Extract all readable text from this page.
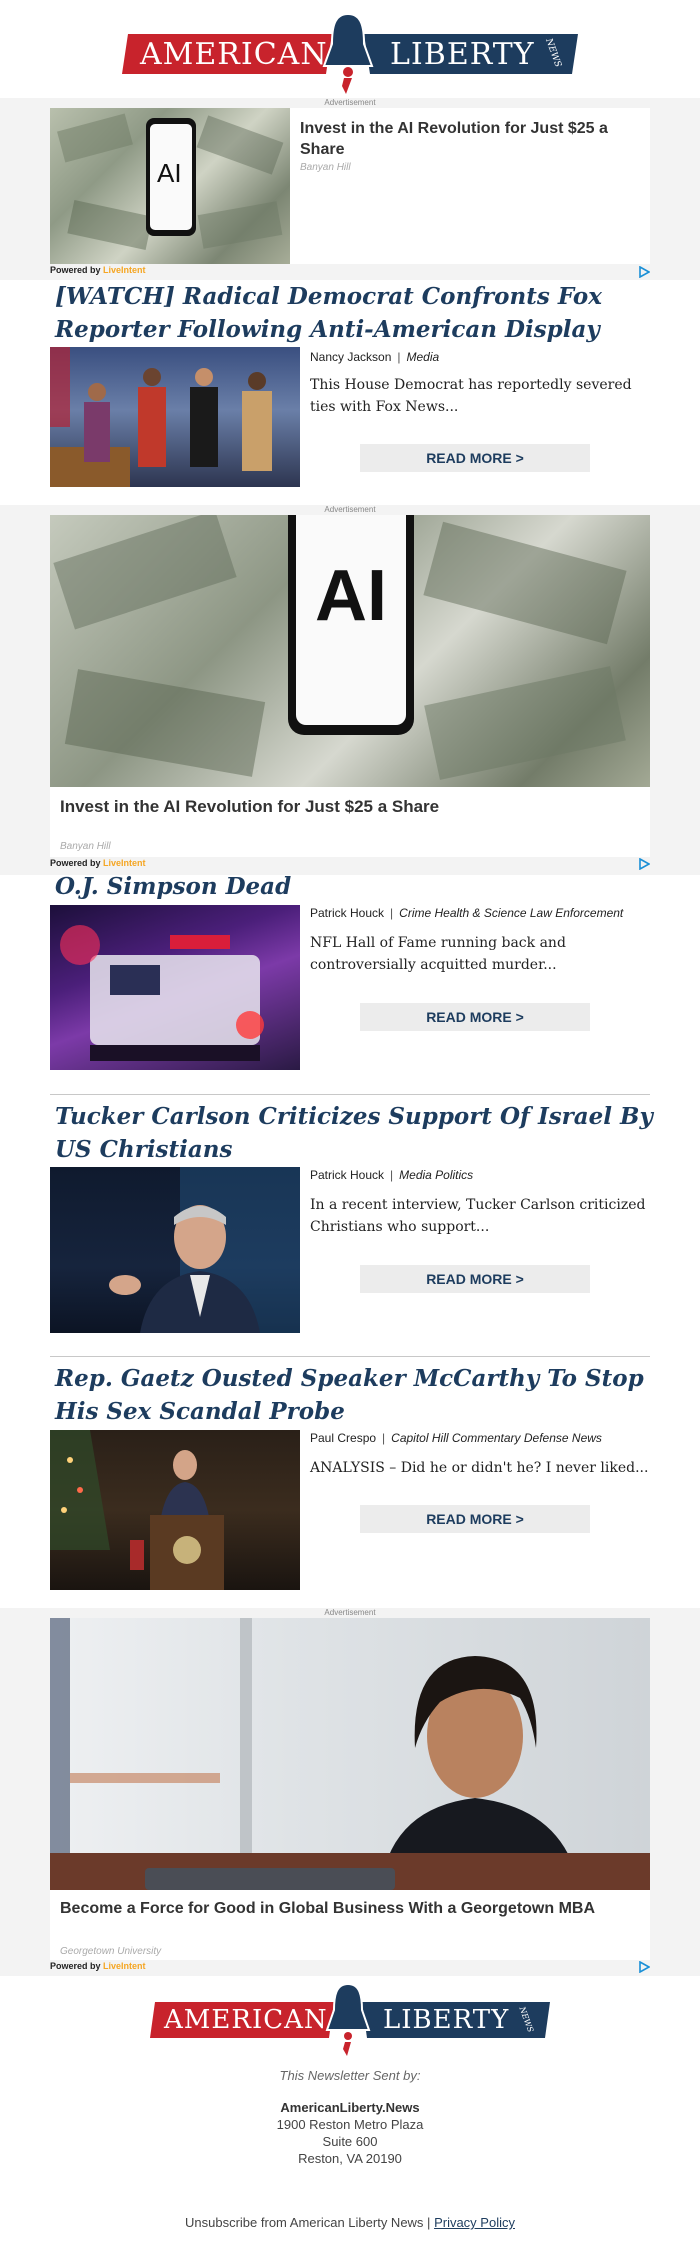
AMERICAN LIBERTY NEWS
Advertisement
AI
Invest in the AI Revolution for Just $25 a Share
Banyan Hill
Powered by LiveIntent
[WATCH] Radical Democrat Confronts Fox Reporter Following Anti-American Display
Nancy Jackson | Media
This House Democrat has reportedly severed ties with Fox News...
READ MORE >
Advertisement
AI
Invest in the AI Revolution for Just $25 a Share
Banyan Hill
Powered by LiveIntent
O.J. Simpson Dead
Patrick Houck | Crime Health & Science Law Enforcement
NFL Hall of Fame running back and controversially acquitted murder...
READ MORE >
Tucker Carlson Criticizes Support Of Israel By US Christians
Patrick Houck | Media Politics
In a recent interview, Tucker Carlson criticized Christians who support...
READ MORE >
Rep. Gaetz Ousted Speaker McCarthy To Stop His Sex Scandal Probe
Paul Crespo | Capitol Hill Commentary Defense News
ANALYSIS – Did he or didn't he? I never liked...
READ MORE >
Advertisement
Become a Force for Good in Global Business With a Georgetown MBA
Georgetown University
Powered by LiveIntent
AMERICAN LIBERTY NEWS
This Newsletter Sent by:
AmericanLiberty.News
1900 Reston Metro Plaza
Suite 600
Reston, VA 20190
Unsubscribe from American Liberty News | Privacy Policy
